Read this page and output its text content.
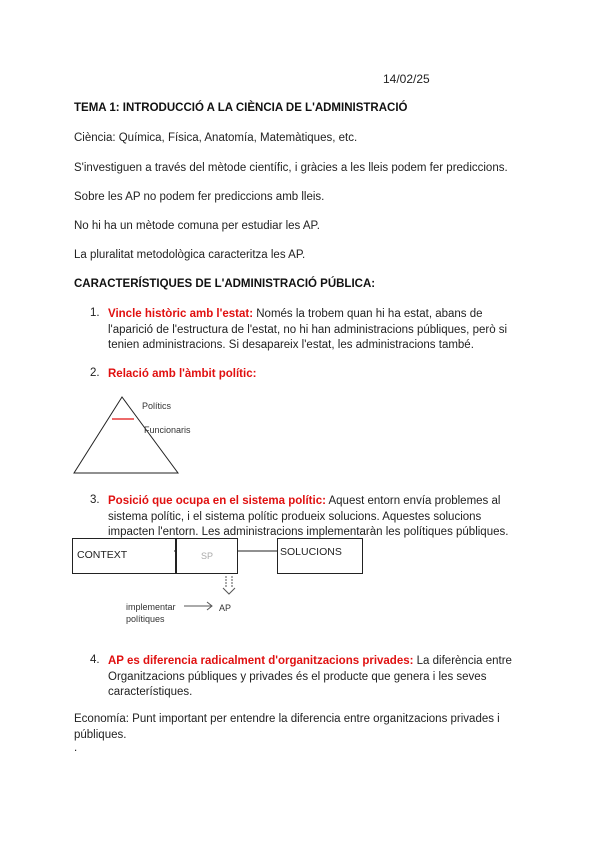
14/02/25
TEMA 1: INTRODUCCIÓ A LA CIÈNCIA DE L'ADMINISTRACIÓ
Ciència: Química, Física, Anatomía, Matemàtiques, etc.
S'investiguen a través del mètode científic, i gràcies a les lleis podem fer prediccions.
Sobre les AP no podem fer prediccions amb lleis.
No hi ha un mètode comuna per estudiar les AP.
La pluralitat metodològica caracteritza les AP.
CARACTERÍSTIQUES DE L'ADMINISTRACIÓ PÚBLICA:
1. Vincle històric amb l'estat: Només la trobem quan hi ha estat, abans de l'aparició de l'estructura de l'estat, no hi han administracions públiques, però si tenien administracions. Si desapareix l'estat, les administracions també.
2. Relació amb l'àmbit polític:
Polítics
Funcionaris
3. Posició que ocupa en el sistema polític: Aquest entorn envía problemes al sistema polític, i el sistema polític produeix solucions. Aquestes solucions impacten l'entorn. Les administracions implementaràn les polítiques públiques.
CONTEXT	SP	SOLUCIONS
implementar polítiques
AP
4. AP es diferencia radicalment d'organitzacions privades: La diferència entre Organitzacions públiques y privades és el producte que genera i les seves característiques.
Economía: Punt important per entendre la diferencia entre organitzacions privades i públiques.
.
